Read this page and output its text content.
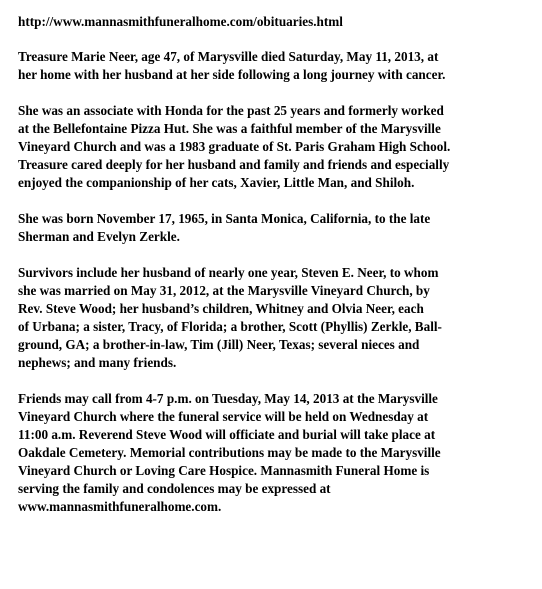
http://www.mannasmithfuneralhome.com/obituaries.html
Treasure Marie Neer, age 47, of Marysville died Saturday, May 11, 2013, at
her home with her husband at her side following a long journey with cancer.
She was an associate with Honda for the past 25 years and formerly worked
at the Bellefontaine Pizza Hut. She was a faithful member of the Marysville
Vineyard Church and was a 1983 graduate of St. Paris Graham High School.
Treasure cared deeply for her husband and family and friends and especially
enjoyed the companionship of her cats, Xavier, Little Man, and Shiloh.
She was born November 17, 1965, in Santa Monica, California, to the late
Sherman and Evelyn Zerkle.
Survivors include her husband of nearly one year, Steven E. Neer, to whom
she was married on May 31, 2012, at the Marysville Vineyard Church, by
Rev. Steve Wood; her husband’s children, Whitney and Olvia Neer, each
of Urbana; a sister, Tracy, of Florida; a brother, Scott (Phyllis) Zerkle, Ball-
ground, GA; a brother-in-law, Tim (Jill) Neer, Texas; several nieces and
nephews; and many friends.
Friends may call from 4-7 p.m. on Tuesday, May 14, 2013 at the Marysville
Vineyard Church where the funeral service will be held on Wednesday at
11:00 a.m. Reverend Steve Wood will officiate and burial will take place at
Oakdale Cemetery. Memorial contributions may be made to the Marysville
Vineyard Church or Loving Care Hospice. Mannasmith Funeral Home is
serving the family and condolences may be expressed at
www.mannasmithfuneralhome.com.
